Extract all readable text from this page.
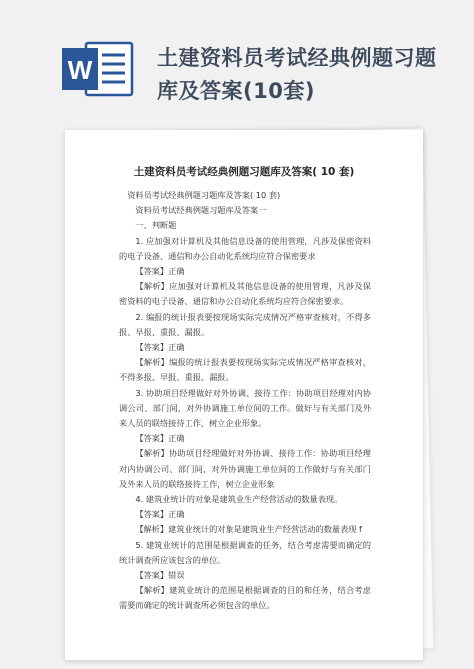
W	土建资料员考试经典例题习题
库及答案(10套)
土建资料员考试经典例题习题库及答案( 10 套)

资料员考试经典例题习题库及答案( 10 套)

资料员考试经典例题习题库及答案一

一、判断题

1. 应加强对计算机及其他信息设备的使用管理，凡涉及保密资料的电子设备、通信和办公自动化系统均应符合保密要求

【答案】正确

【解析】应加强对计算机及其他信息设备的使用管理，凡涉及保密资料的电子设备、通信和办公自动化系统均应符合保密要求。

2. 编报的统计报表要按现场实际完成情况严格审查核对，不得多报、早报、重报、漏报。

【答案】正确

【解析】编报的统计报表要按现场实际完成情况严格审查核对，不得多报、早报、重报、漏报。

3. 协助项目经理做好对外协调、接待工作：协助项目经理对内协调公司、部门间，对外协调施工单位间的工作。做好与有关部门及外来人员的联络接待工作，树立企业形象。

【答案】正确

【解析】协助项目经理做好对外协调、接待工作：协助项目经理对内协调公司、部门间，对外协调施工单位间的工作做好与有关部门及外来人员的联络接待工作，树立企业形象

4. 建筑业统计的对象是建筑业生产经营活动的数量表现。

【答案】正确

【解析】建筑业统计的对象是建筑业生产经营活动的数量表现 f

5. 建筑业统计的范围是根据调查的任务，结合考虑需要而确定的统计调查所应该包含的单位。

【答案】错误

【解析】建筑业统计的范围是根据调查的目的和任务，结合考虑需要而确定的统计调查所必须包含的单位。
